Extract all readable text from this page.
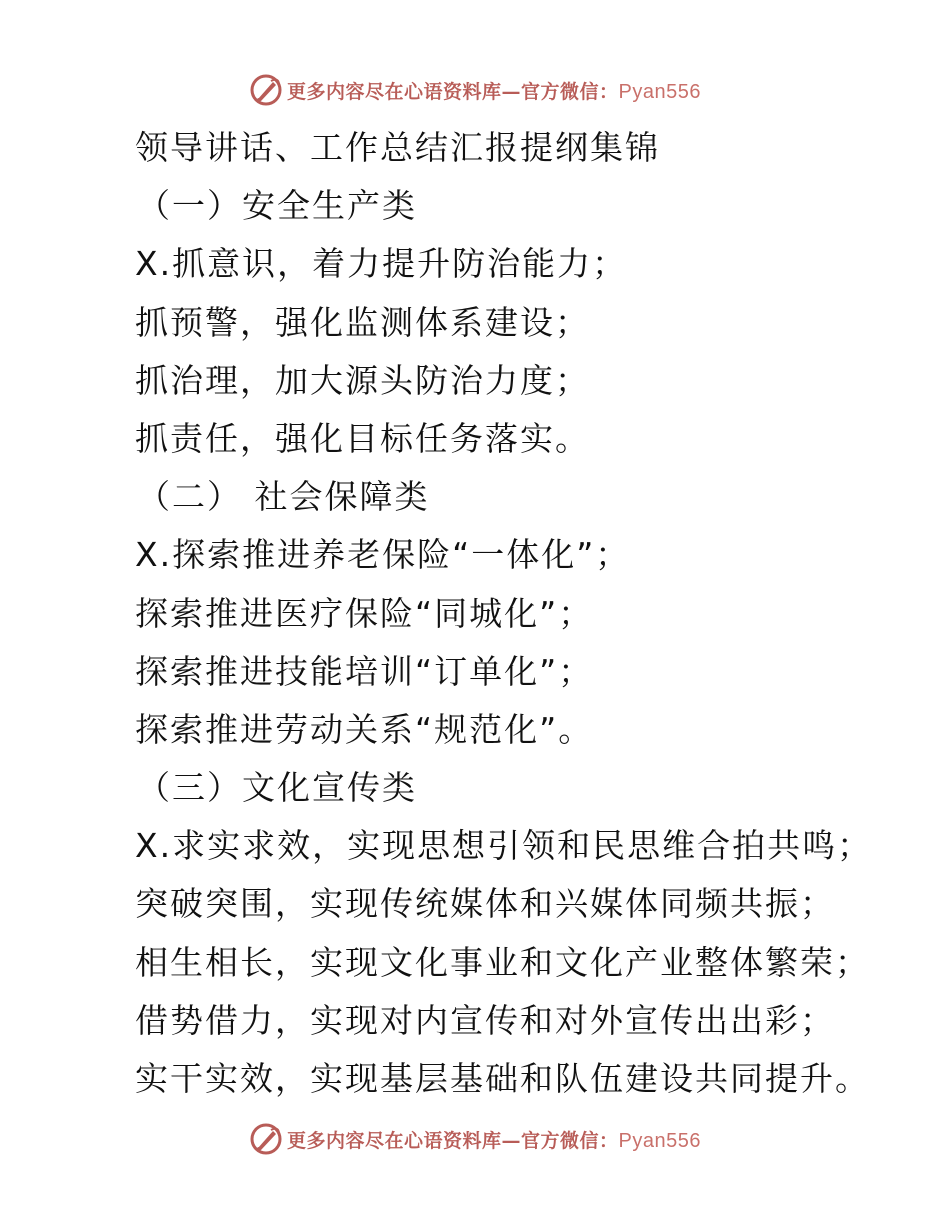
更多内容尽在心语资料库—官方微信：Pyan556
领导讲话、工作总结汇报提纲集锦
（一）安全生产类
X.抓意识，着力提升防治能力；
抓预警，强化监测体系建设；
抓治理，加大源头防治力度；
抓责任，强化目标任务落实。
（二） 社会保障类
X.探索推进养老保险“一体化”；
探索推进医疗保险“同城化”；
探索推进技能培训“订单化”；
探索推进劳动关系“规范化”。
（三）文化宣传类
X.求实求效，实现思想引领和民思维合拍共鸣；
突破突围，实现传统媒体和兴媒体同频共振；
相生相长，实现文化事业和文化产业整体繁荣；
借势借力，实现对内宣传和对外宣传出出彩；
实干实效，实现基层基础和队伍建设共同提升。
更多内容尽在心语资料库—官方微信：Pyan556
